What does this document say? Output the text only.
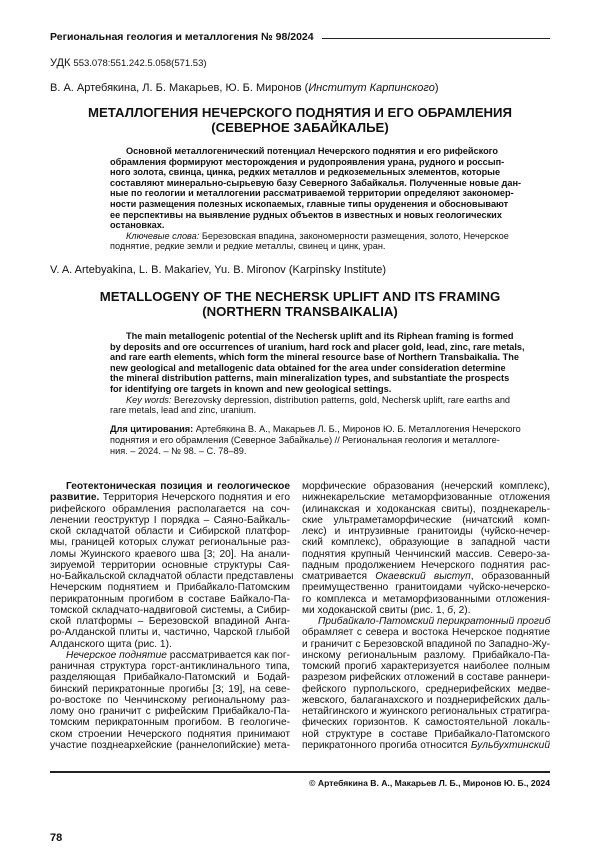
Региональная геология и металлогения № 98/2024
УДК 553.078:551.242.5.058(571.53)
В. А. Артебякина, Л. Б. Макарьев, Ю. Б. Миронов (Институт Карпинского)
МЕТАЛЛОГЕНИЯ НЕЧЕРСКОГО ПОДНЯТИЯ И ЕГО ОБРАМЛЕНИЯ
(СЕВЕРНОЕ ЗАБАЙКАЛЬЕ)
Основной металлогенический потенциал Нечерского поднятия и его рифейского
обрамления формируют месторождения и рудопроявления урана, рудного и россып-
ного золота, свинца, цинка, редких металлов и редкоземельных элементов, которые
составляют минерально-сырьевую базу Северного Забайкалья. Полученные новые дан-
ные по геологии и металлогении рассматриваемой территории определяют закономер-
ности размещения полезных ископаемых, главные типы оруденения и обосновывают
ее перспективы на выявление рудных объектов в известных и новых геологических
остановках.
Ключевые слова: Березовская впадина, закономерности размещения, золото, Нечерское
поднятие, редкие земли и редкие металлы, свинец и цинк, уран.
V. A. Artebyakina, L. B. Makariev, Yu. B. Mironov (Karpinsky Institute)
METALLOGENY OF THE NECHERSK UPLIFT AND ITS FRAMING
(NORTHERN TRANSBAIKALIA)
The main metallogenic potential of the Nechersk uplift and its Riphean framing is formed
by deposits and ore occurrences of uranium, hard rock and placer gold, lead, zinc, rare metals,
and rare earth elements, which form the mineral resource base of Northern Transbaikalia. The
new geological and metallogenic data obtained for the area under consideration determine
the mineral distribution patterns, main mineralization types, and substantiate the prospects
for identifying ore targets in known and new geological settings.
Key words: Berezovsky depression, distribution patterns, gold, Nechersk uplift, rare earths and
rare metals, lead and zinc, uranium.
Для цитирования: Артебякина В. А., Макарьев Л. Б., Миронов Ю. Б. Металлогения Нечерского
поднятия и его обрамления (Северное Забайкалье) // Региональная геология и металлоге-
ния. – 2024. – № 98. – С. 78–89.
Геотектоническая позиция и геологическое
развитие. Территория Нечерского поднятия и его
рифейского обрамления располагается на соч-
ленении геоструктур I порядка – Саяно-Байкаль-
ской складчатой области и Сибирской платфор-
мы, границей которых служат региональные раз-
ломы Жуинского краевого шва [3; 20]. На анали-
зируемой территории основные структуры Сая-
но-Байкальской складчатой области представлены
Нечерским поднятием и Прибайкало-Патомским
перикратонным прогибом в составе Байкало-Па-
томской складчато-надвиговой системы, а Сибир-
ской платформы – Березовской впадиной Анга-
ро-Алданской плиты и, частично, Чарской глыбой
Алданского щита (рис. 1).
Нечерское поднятие рассматривается как пог-
раничная структура горст-антиклинального типа,
разделяющая Прибайкало-Патомский и Бодай-
бинский перикратонные прогибы [3; 19], на севе-
ро-востоке по Ченчинскому региональному раз-
лому оно граничит с рифейским Прибайкало-Па-
томским перикратонным прогибом. В геологиче-
ском строении Нечерского поднятия принимают
участие позднеархейские (раннелопийские) мета-
морфические образования (нечерский комплекс),
нижнекарельские метаморфизованные отложения
(илинакская и ходоканская свиты), позднекарель-
ские ультраметаморфические (ничатский комп-
лекс) и интрузивные гранитоиды (чуйско-нечер-
ский комплекс), образующие в западной части
поднятия крупный Ченчинский массив. Северо-за-
падным продолжением Нечерского поднятия рас-
сматривается Окаевский выступ, образованный
преимущественно гранитоидами чуйско-нечерско-
го комплекса и метаморфизованными отложения-
ми ходоканской свиты (рис. 1, б, 2).
Прибайкало-Патомский перикратонный прогиб
обрамляет с севера и востока Нечерское поднятие
и граничит с Березовской впадиной по Западно-Жу-
инскому региональным разлому. Прибайкало-Па-
томский прогиб характеризуется наиболее полным
разрезом рифейских отложений в составе раннери-
фейского пурпольского, среднерифейских медве-
жевского, балаганахского и позднерифейских даль-
нетайгинского и жуинского региональных стратигра-
фических горизонтов. К самостоятельной локаль-
ной структуре в составе Прибайкало-Патомского
перикратонного прогиба относится Бульбухтинский
© Артебякина В. А., Макарьев Л. Б., Миронов Ю. Б., 2024
78
